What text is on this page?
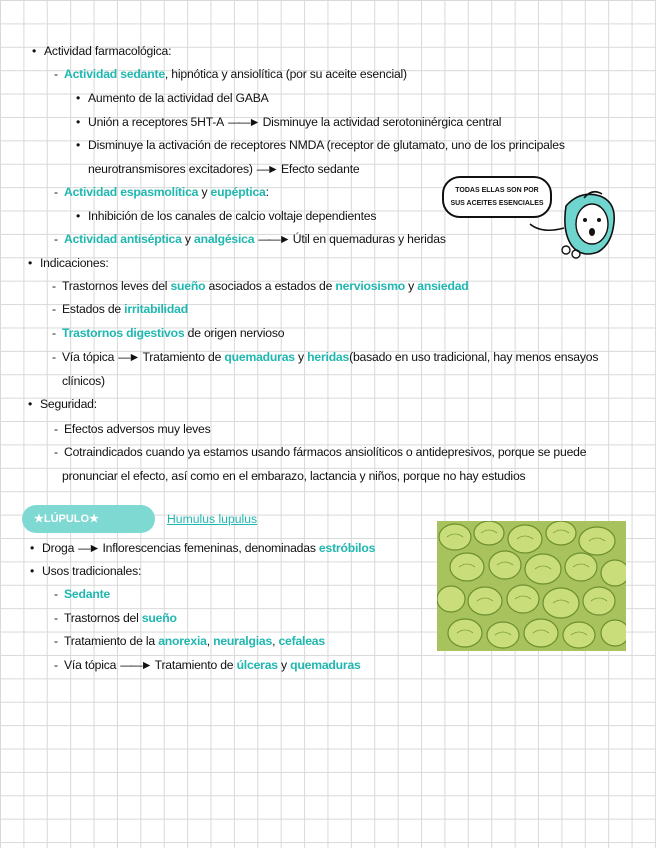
• Actividad farmacológica:
- Actividad sedante, hipnótica y ansiolítica (por su aceite esencial)
• Aumento de la actividad del GABA
• Unión a receptores 5HT-A ——► Disminuye la actividad serotoninérgica central
• Disminuye la activación de receptores NMDA (receptor de glutamato, uno de los principales
neurotransmisores excitadores) —► Efecto sedante
- Actividad espasmolítica y eupéptica:
• Inhibición de los canales de calcio voltaje dependientes
- Actividad antiséptica y analgésica ——► Útil en quemaduras y heridas
TODAS ELLAS SON POR SUS ACEITES ESENCIALES
• Indicaciones:
- Trastornos leves del sueño asociados a estados de nerviosismo y ansiedad
- Estados de irritabilidad
- Trastornos digestivos de origen nervioso
- Vía tópica —► Tratamiento de quemaduras y heridas(basado en uso tradicional, hay menos ensayos
clínicos)
• Seguridad:
- Efectos adversos muy leves
- Cotraindicados cuando ya estamos usando fármacos ansiolíticos o antidepresivos, porque se puede
pronunciar el efecto, así como en el embarazo, lactancia y niños, porque no hay estudios
★LÚPULO★	Humulus lupulus
• Droga —► Inflorescencias femeninas, denominadas estróbilos
• Usos tradicionales:
- Sedante
- Trastornos del sueño
- Tratamiento de la anorexia, neuralgias, cefaleas
- Vía tópica ——► Tratamiento de úlceras y quemaduras
